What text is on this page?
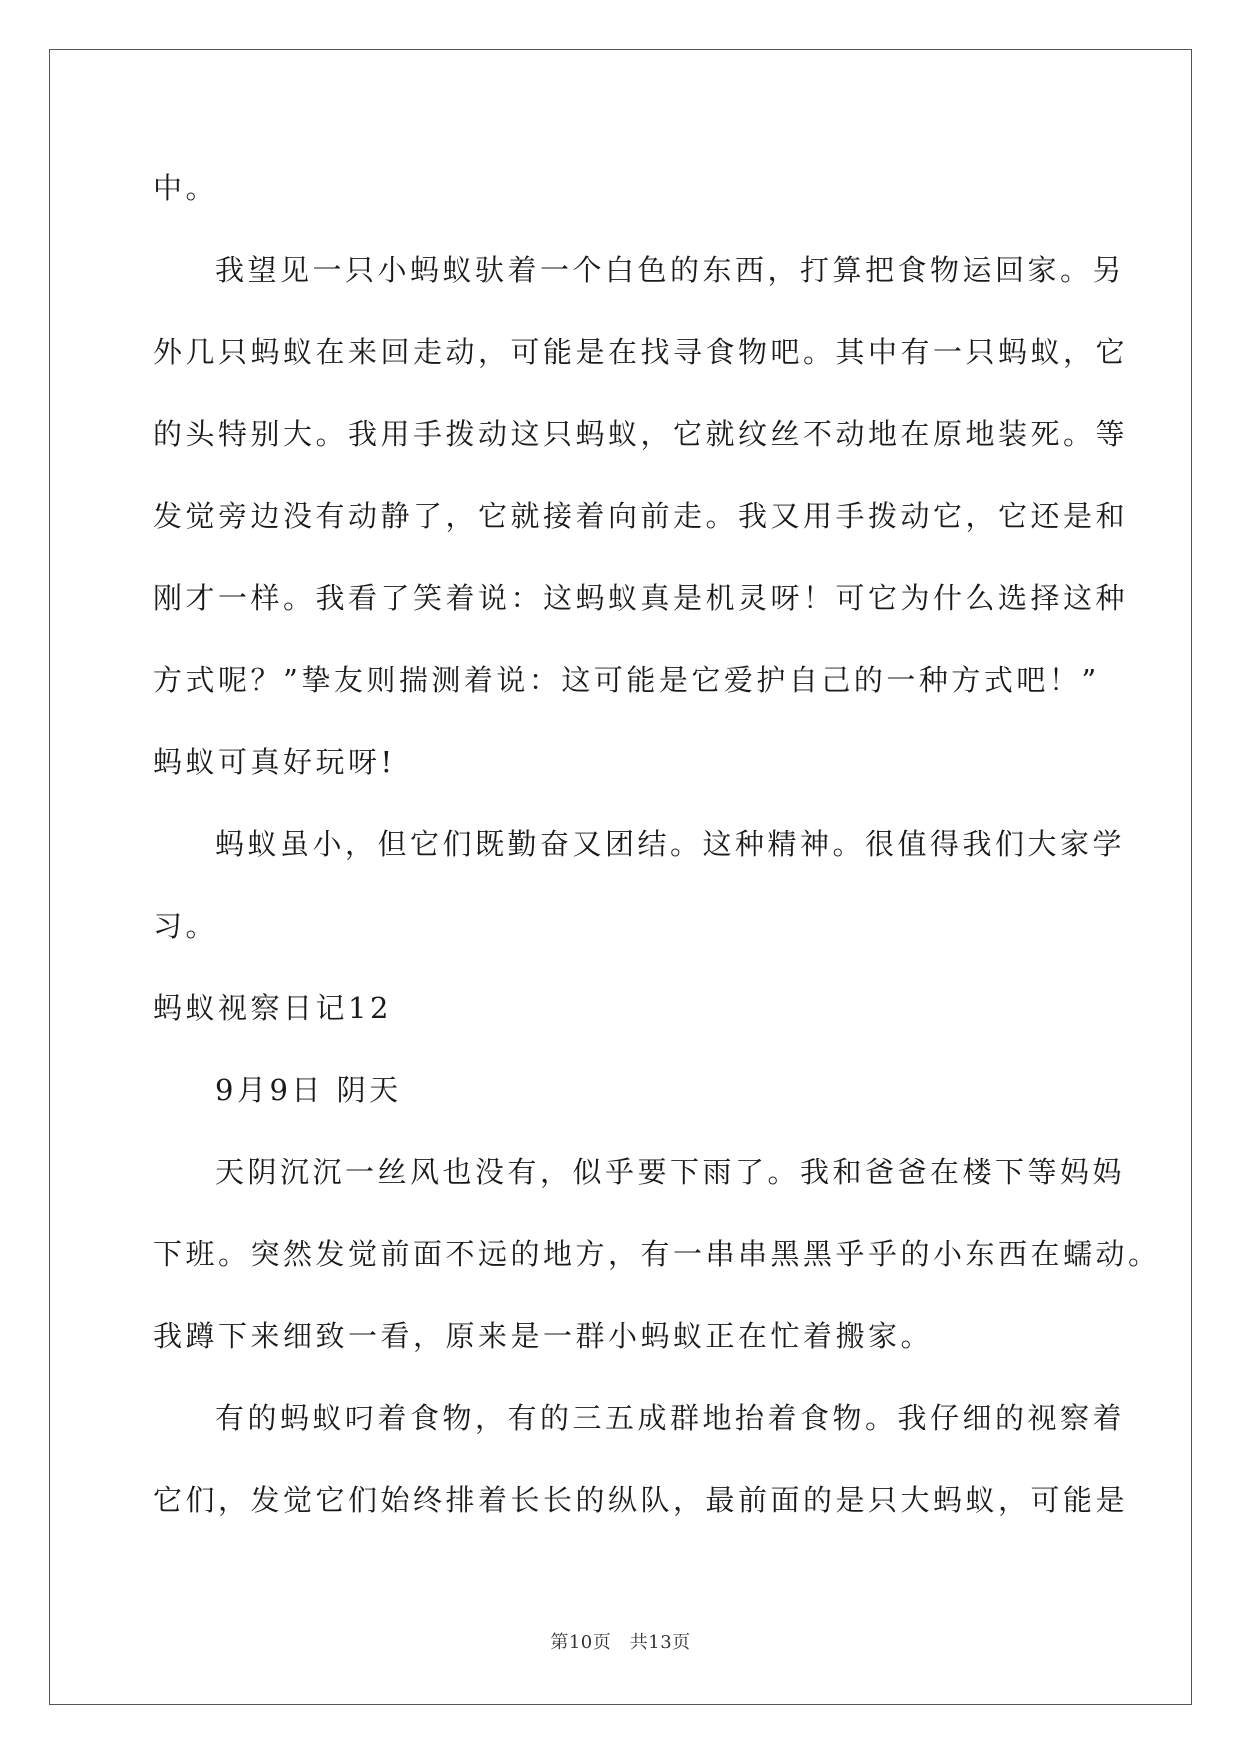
中。
我望见一只小蚂蚁驮着一个白色的东西，打算把食物运回家。另
外几只蚂蚁在来回走动，可能是在找寻食物吧。其中有一只蚂蚁，它
的头特别大。我用手拨动这只蚂蚁，它就纹丝不动地在原地装死。等
发觉旁边没有动静了，它就接着向前走。我又用手拨动它，它还是和
刚才一样。我看了笑着说：这蚂蚁真是机灵呀！可它为什么选择这种
方式呢？”挚友则揣测着说：这可能是它爱护自己的一种方式吧！”
蚂蚁可真好玩呀!
蚂蚁虽小，但它们既勤奋又团结。这种精神。很值得我们大家学
习。
蚂蚁视察日记12
9月9日 阴天
天阴沉沉一丝风也没有，似乎要下雨了。我和爸爸在楼下等妈妈
下班。突然发觉前面不远的地方，有一串串黑黑乎乎的小东西在蠕动。
我蹲下来细致一看，原来是一群小蚂蚁正在忙着搬家。
有的蚂蚁叼着食物，有的三五成群地抬着食物。我仔细的视察着
它们，发觉它们始终排着长长的纵队，最前面的是只大蚂蚁，可能是
第10页　共13页
